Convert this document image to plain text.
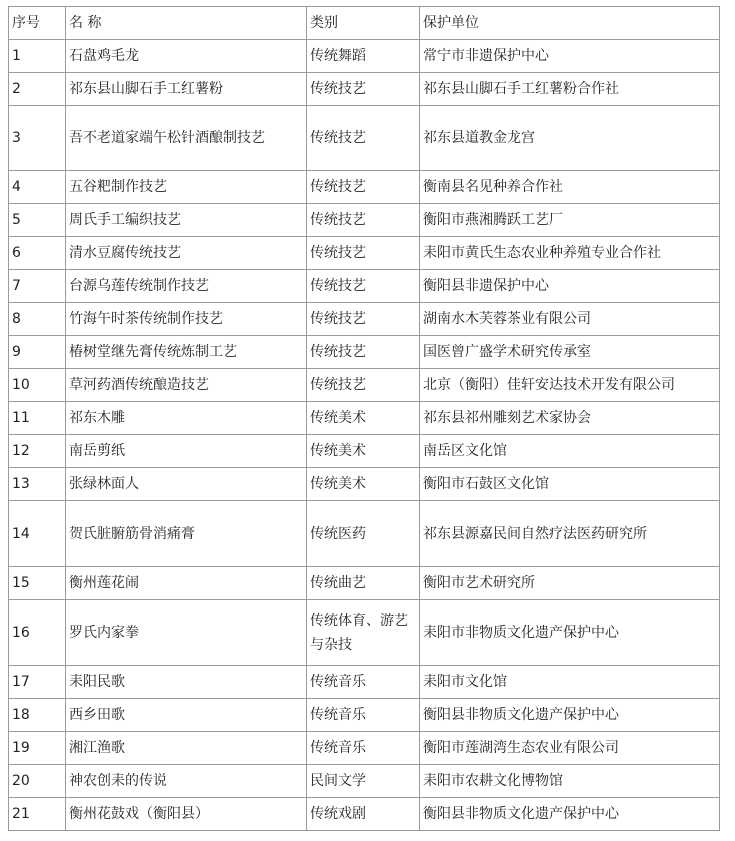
序号	名 称	类别	保护单位
1	石盘鸡毛龙	传统舞蹈	常宁市非遗保护中心
2	祁东县山脚石手工红薯粉	传统技艺	祁东县山脚石手工红薯粉合作社
3	吾不老道家端午松针酒酿制技艺	传统技艺	祁东县道教金龙宫
4	五谷粑制作技艺	传统技艺	衡南县名见种养合作社
5	周氏手工编织技艺	传统技艺	衡阳市燕湘腾跃工艺厂
6	清水豆腐传统技艺	传统技艺	耒阳市黄氏生态农业种养殖专业合作社
7	台源乌莲传统制作技艺	传统技艺	衡阳县非遗保护中心
8	竹海午时茶传统制作技艺	传统技艺	湖南水木芙蓉茶业有限公司
9	椿树堂继先膏传统炼制工艺	传统技艺	国医曾广盛学术研究传承室
10	草河药酒传统酿造技艺	传统技艺	北京（衡阳）佳轩安达技术开发有限公司
11	祁东木雕	传统美术	祁东县祁州雕刻艺术家协会
12	南岳剪纸	传统美术	南岳区文化馆
13	张绿林面人	传统美术	衡阳市石鼓区文化馆
14	贺氏脏腑筋骨消痛膏	传统医药	祁东县源嘉民间自然疗法医药研究所
15	衡州莲花闹	传统曲艺	衡阳市艺术研究所
16	罗氏内家拳	传统体育、游艺与杂技	耒阳市非物质文化遗产保护中心
17	耒阳民歌	传统音乐	耒阳市文化馆
18	西乡田歌	传统音乐	衡阳县非物质文化遗产保护中心
19	湘江渔歌	传统音乐	衡阳市莲湖湾生态农业有限公司
20	神农创耒的传说	民间文学	耒阳市农耕文化博物馆
21	衡州花鼓戏（衡阳县）	传统戏剧	衡阳县非物质文化遗产保护中心
